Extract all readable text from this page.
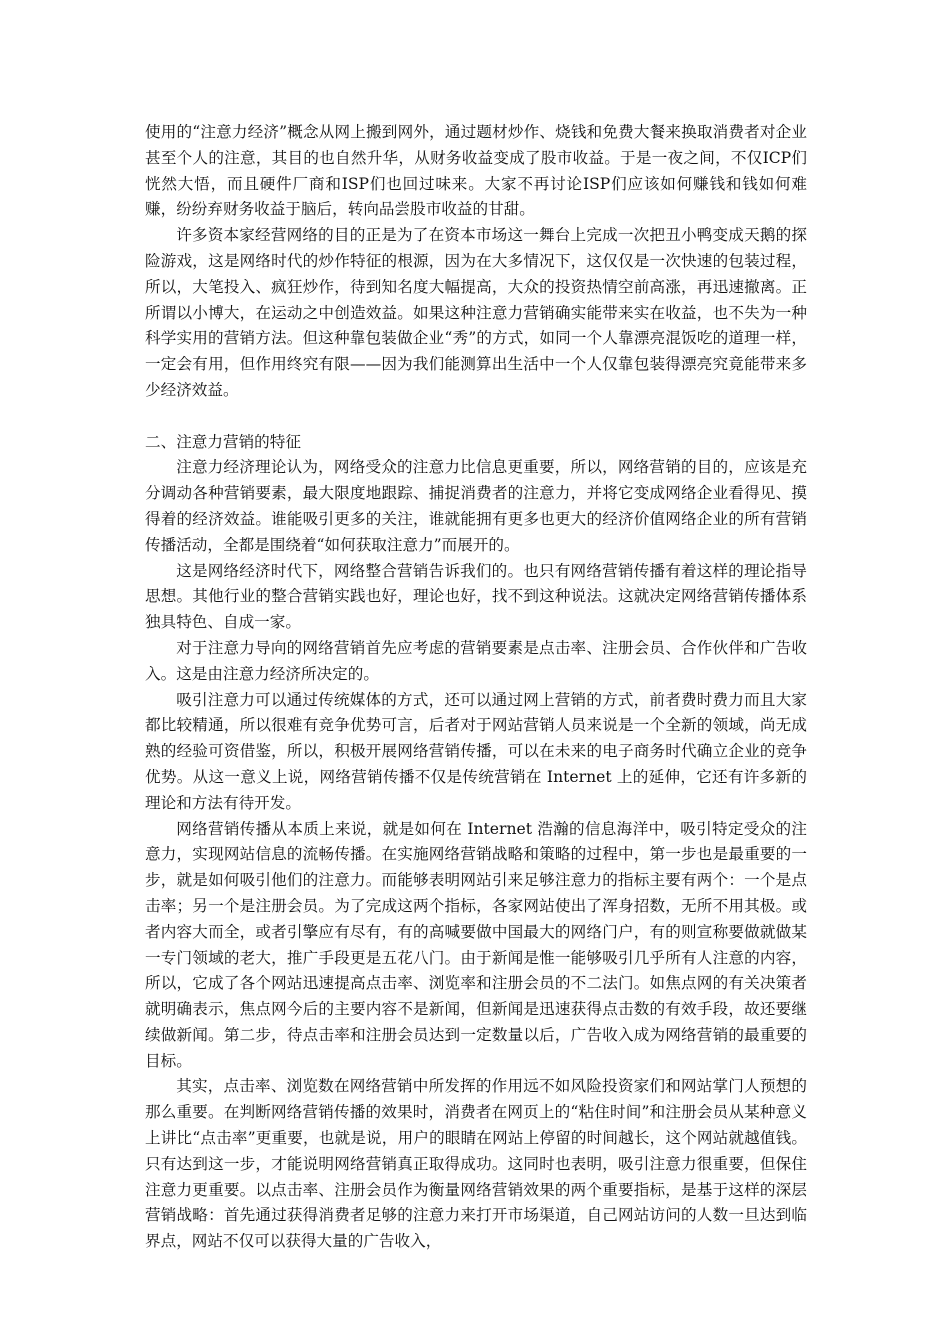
使用的“注意力经济”概念从网上搬到网外，通过题材炒作、烧钱和免费大餐来换取消费者对企业甚至个人的注意，其目的也自然升华，从财务收益变成了股市收益。于是一夜之间，不仅ICP们恍然大悟，而且硬件厂商和ISP们也回过味来。大家不再讨论ISP们应该如何赚钱和钱如何难赚，纷纷弃财务收益于脑后，转向品尝股市收益的甘甜。

许多资本家经营网络的目的正是为了在资本市场这一舞台上完成一次把丑小鸭变成天鹅的探险游戏，这是网络时代的炒作特征的根源，因为在大多情况下，这仅仅是一次快速的包装过程，所以，大笔投入、疯狂炒作，待到知名度大幅提高，大众的投资热情空前高涨，再迅速撤离。正所谓以小博大，在运动之中创造效益。如果这种注意力营销确实能带来实在收益，也不失为一种科学实用的营销方法。但这种靠包装做企业“秀”的方式，如同一个人靠漂亮混饭吃的道理一样，一定会有用，但作用终究有限——因为我们能测算出生活中一个人仅靠包装得漂亮究竟能带来多少经济效益。

二、注意力营销的特征

注意力经济理论认为，网络受众的注意力比信息更重要，所以，网络营销的目的，应该是充分调动各种营销要素，最大限度地跟踪、捕捉消费者的注意力，并将它变成网络企业看得见、摸得着的经济效益。谁能吸引更多的关注，谁就能拥有更多也更大的经济价值网络企业的所有营销传播活动，全都是围绕着“如何获取注意力”而展开的。

这是网络经济时代下，网络整合营销告诉我们的。也只有网络营销传播有着这样的理论指导思想。其他行业的整合营销实践也好，理论也好，找不到这种说法。这就决定网络营销传播体系独具特色、自成一家。

对于注意力导向的网络营销首先应考虑的营销要素是点击率、注册会员、合作伙伴和广告收入。这是由注意力经济所决定的。

吸引注意力可以通过传统媒体的方式，还可以通过网上营销的方式，前者费时费力而且大家都比较精通，所以很难有竞争优势可言，后者对于网站营销人员来说是一个全新的领域，尚无成熟的经验可资借鉴，所以，积极开展网络营销传播，可以在未来的电子商务时代确立企业的竞争优势。从这一意义上说，网络营销传播不仅是传统营销在 Internet 上的延伸，它还有许多新的理论和方法有待开发。

网络营销传播从本质上来说，就是如何在 Internet 浩瀚的信息海洋中，吸引特定受众的注意力，实现网站信息的流畅传播。在实施网络营销战略和策略的过程中，第一步也是最重要的一步，就是如何吸引他们的注意力。而能够表明网站引来足够注意力的指标主要有两个：一个是点击率；另一个是注册会员。为了完成这两个指标，各家网站使出了浑身招数，无所不用其极。或者内容大而全，或者引擎应有尽有，有的高喊要做中国最大的网络门户，有的则宣称要做就做某一专门领域的老大，推广手段更是五花八门。由于新闻是惟一能够吸引几乎所有人注意的内容，所以，它成了各个网站迅速提高点击率、浏览率和注册会员的不二法门。如焦点网的有关决策者就明确表示，焦点网今后的主要内容不是新闻，但新闻是迅速获得点击数的有效手段，故还要继续做新闻。第二步，待点击率和注册会员达到一定数量以后，广告收入成为网络营销的最重要的目标。

其实，点击率、浏览数在网络营销中所发挥的作用远不如风险投资家们和网站掌门人预想的那么重要。在判断网络营销传播的效果时，消费者在网页上的“粘住时间”和注册会员从某种意义上讲比“点击率”更重要，也就是说，用户的眼睛在网站上停留的时间越长，这个网站就越值钱。只有达到这一步，才能说明网络营销真正取得成功。这同时也表明，吸引注意力很重要，但保住注意力更重要。以点击率、注册会员作为衡量网络营销效果的两个重要指标，是基于这样的深层营销战略：首先通过获得消费者足够的注意力来打开市场渠道，自己网站访问的人数一旦达到临界点，网站不仅可以获得大量的广告收入，
